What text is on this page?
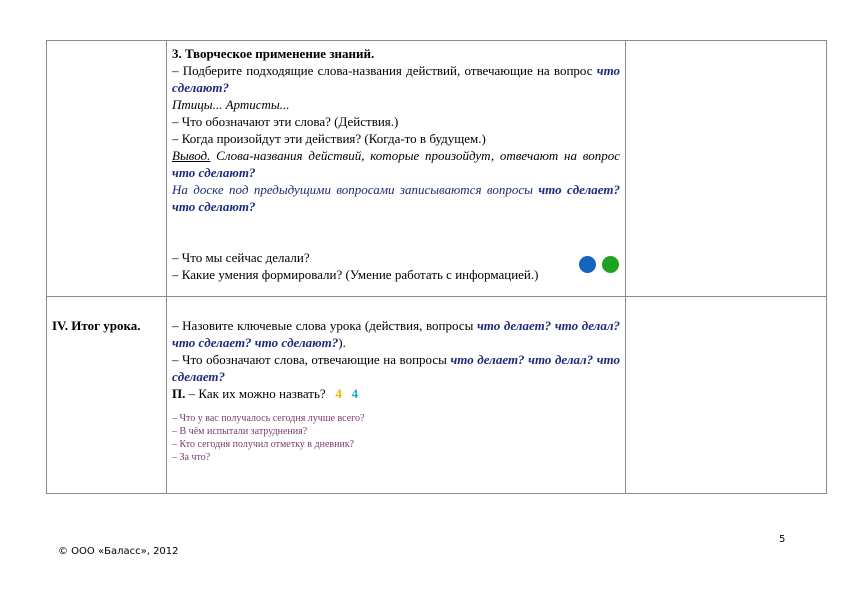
3. Творческое применение знаний.
– Подберите подходящие слова-названия действий, отвечающие на вопрос что сделают?
Птицы... Артисты...
– Что обозначают эти слова? (Действия.)
– Когда произойдут эти действия? (Когда-то в будущем.)
Вывод. Слова-названия действий, которые произойдут, отвечают на вопрос что сделают?
На доске под предыдущими вопросами записываются вопросы что сделает? что сделают?
– Что мы сейчас делали?
– Какие умения формировали? (Умение работать с информацией.)
IV. Итог урока.	– Назовите ключевые слова урока (действия, вопросы что делает? что делал? что сделает? что сделают?).
– Что обозначают слова, отвечающие на вопросы что делает? что делал? что сделает?
П. – Как их можно назвать? 4 4
– Что у вас получалось сегодня лучше всего?
– В чём испытали затруднения?
– Кто сегодня получил отметку в дневник?
– За что?
5
© ООО «Баласс», 2012
